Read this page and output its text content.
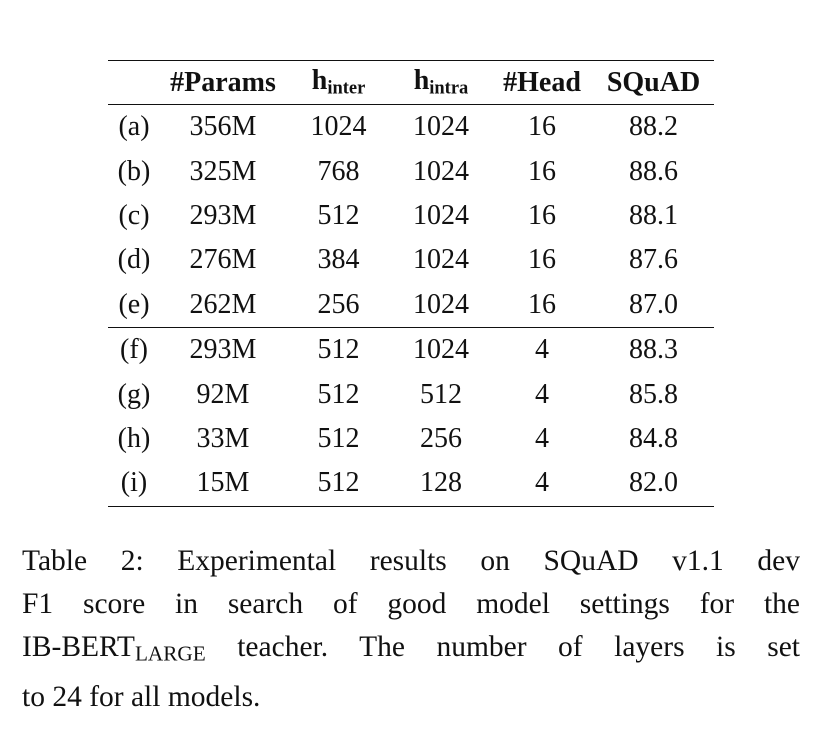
	#Params	$h_{inter}$	$h_{intra}$	#Head	SQuAD
(a)	356M	1024	1024	16	88.2
(b)	325M	768	1024	16	88.6
(c)	293M	512	1024	16	88.1
(d)	276M	384	1024	16	87.6
(e)	262M	256	1024	16	87.0
(f)	293M	512	1024	4	88.3
(g)	92M	512	512	4	85.8
(h)	33M	512	256	4	84.8
(i)	15M	512	128	4	82.0

Table 2: Experimental results on SQuAD v1.1 dev
F1 score in search of good model settings for the
IB-BERTLARGE teacher. The number of layers is set
to 24 for all models.
